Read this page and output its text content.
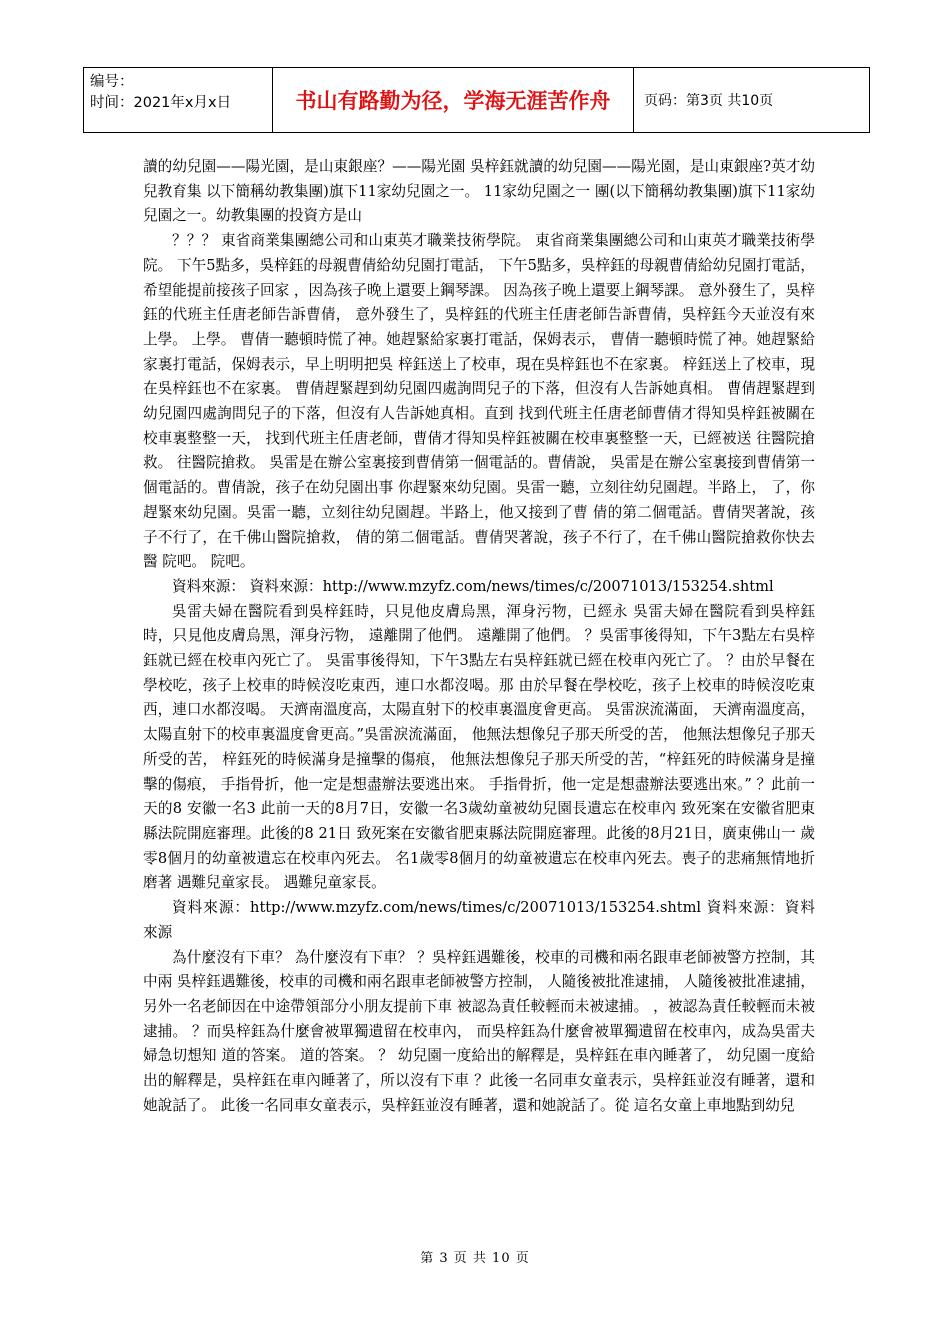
编号：
时间：2021年x月x日	书山有路勤为径，学海无涯苦作舟	页码：第3页 共10页

讀的幼兒園——陽光園，是山東銀座？——陽光園 吳梓鈺就讀的幼兒園——陽光園，是山東銀座?英才幼兒教育集 以下簡稱幼教集團)旗下11家幼兒園之一。 11家幼兒園之一 團(以下簡稱幼教集團)旗下11家幼兒園之一。幼教集團的投資方是山

？？？ 東省商業集團總公司和山東英才職業技術學院。 東省商業集團總公司和山東英才職業技術學院。 下午5點多，吳梓鈺的母親曹倩給幼兒園打電話， 下午5點多，吳梓鈺的母親曹倩給幼兒園打電話，希望能提前接孩子回家 ，因為孩子晚上還要上鋼琴課。 因為孩子晚上還要上鋼琴課。 意外發生了，吳梓鈺的代班主任唐老師告訴曹倩， 意外發生了，吳梓鈺的代班主任唐老師告訴曹倩，吳梓鈺今天並沒有來 上學。 上學。 曹倩一聽頓時慌了神。她趕緊給家裏打電話，保姆表示， 曹倩一聽頓時慌了神。她趕緊給家裏打電話，保姆表示，早上明明把吳 梓鈺送上了校車，現在吳梓鈺也不在家裏。 梓鈺送上了校車，現在吳梓鈺也不在家裏。 曹倩趕緊趕到幼兒園四處詢問兒子的下落，但沒有人告訴她真相。 曹倩趕緊趕到幼兒園四處詢問兒子的下落，但沒有人告訴她真相。直到 找到代班主任唐老師曹倩才得知吳梓鈺被關在校車裏整整一天， 找到代班主任唐老師，曹倩才得知吳梓鈺被關在校車裏整整一天，已經被送 往醫院搶救。 往醫院搶救。 吳雷是在辦公室裏接到曹倩第一個電話的。曹倩說， 吳雷是在辦公室裏接到曹倩第一個電話的。曹倩說，孩子在幼兒園出事 你趕緊來幼兒園。吳雷一聽，立刻往幼兒園趕。半路上， 了，你趕緊來幼兒園。吳雷一聽，立刻往幼兒園趕。半路上，他又接到了曹 倩的第二個電話。曹倩哭著說，孩子不行了，在千佛山醫院搶救， 倩的第二個電話。曹倩哭著說，孩子不行了，在千佛山醫院搶救你快去醫 院吧。 院吧。

資料來源： 資料來源：http://www.mzyfz.com/news/times/c/20071013/153254.shtml

吳雷夫婦在醫院看到吳梓鈺時，只見他皮膚烏黑，渾身污物，已經永 吳雷夫婦在醫院看到吳梓鈺時，只見他皮膚烏黑，渾身污物， 遠離開了他們。 遠離開了他們。 ？吳雷事後得知，下午3點左右吳梓鈺就已經在校車內死亡了。 吳雷事後得知，下午3點左右吳梓鈺就已經在校車內死亡了。 ？由於早餐在學校吃，孩子上校車的時候沒吃東西，連口水都沒喝。那 由於早餐在學校吃，孩子上校車的時候沒吃東西，連口水都沒喝。 天濟南溫度高，太陽直射下的校車裏溫度會更高。 吳雷淚流滿面， 天濟南溫度高，太陽直射下的校車裏溫度會更高。”吳雷淚流滿面， 他無法想像兒子那天所受的苦， 他無法想像兒子那天所受的苦， 梓鈺死的時候滿身是撞擊的傷痕， 他無法想像兒子那天所受的苦，“梓鈺死的時候滿身是撞擊的傷痕， 手指骨折，他一定是想盡辦法要逃出來。 手指骨折，他一定是想盡辦法要逃出來。” ？此前一天的8 安徽一名3 此前一天的8月7日，安徽一名3歲幼童被幼兒園長遺忘在校車內 致死案在安徽省肥東縣法院開庭審理。此後的8 21日 致死案在安徽省肥東縣法院開庭審理。此後的8月21日，廣東佛山一 歲零8個月的幼童被遺忘在校車內死去。 名1歲零8個月的幼童被遺忘在校車內死去。喪子的悲痛無情地折磨著 遇難兒童家長。 遇難兒童家長。

資料來源：http://www.mzyfz.com/news/times/c/20071013/153254.shtml 資料來源：資料來源

為什麼沒有下車？ 為什麼沒有下車？ ？吳梓鈺遇難後，校車的司機和兩名跟車老師被警方控制，其中兩 吳梓鈺遇難後，校車的司機和兩名跟車老師被警方控制， 人隨後被批准逮捕， 人隨後被批准逮捕，另外一名老師因在中途帶領部分小朋友提前下車 被認為責任較輕而未被逮捕。 ，被認為責任較輕而未被逮捕。 ？而吳梓鈺為什麼會被單獨遺留在校車內， 而吳梓鈺為什麼會被單獨遺留在校車內，成為吳雷夫婦急切想知 道的答案。 道的答案。 ？ 幼兒園一度給出的解釋是，吳梓鈺在車內睡著了， 幼兒園一度給出的解釋是，吳梓鈺在車內睡著了，所以沒有下車 ？此後一名同車女童表示，吳梓鈺並沒有睡著，還和她說話了。 此後一名同車女童表示，吳梓鈺並沒有睡著，還和她說話了。從 這名女童上車地點到幼兒

第 3 页 共 10 页
